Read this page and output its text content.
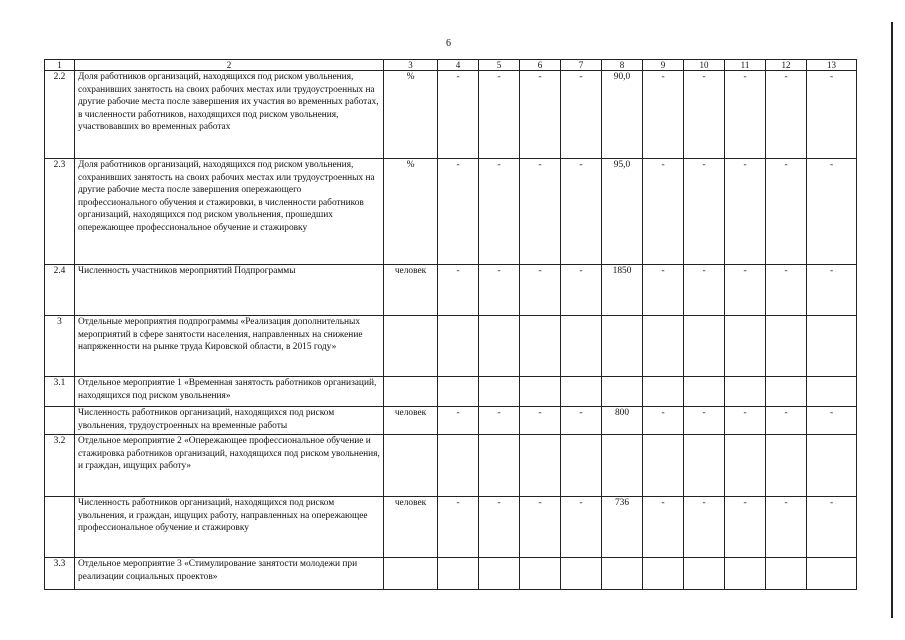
6
1	2	3	4	5	6	7	8	9	10	11	12	13
2.2	Доля работников организаций, находящихся под риском увольнения, сохранивших занятость на своих рабочих местах или трудоустроенных на другие рабочие места после завершения их участия во временных работах, в численности работников, находящихся под риском увольнения, участвовавших во временных работах	%	-	-	-	-	90,0	-	-	-	-	-
2.3	Доля работников организаций, находящихся под риском увольнения, сохранивших занятость на своих рабочих местах или трудоустроенных на другие рабочие места после завершения опережающего профессионального обучения и стажировки, в численности работников организаций, находящихся под риском увольнения, прошедших опережающее профессиональное обучение и стажировку	%	-	-	-	-	95,0	-	-	-	-	-
2.4	Численность участников мероприятий Подпрограммы	человек	-	-	-	-	1850	-	-	-	-	-
3	Отдельные мероприятия подпрограммы «Реализация дополнительных мероприятий в сфере занятости населения, направленных на снижение напряженности на рынке труда Кировской области, в 2015 году»											
3.1	Отдельное мероприятие 1 «Временная занятость работников организаций, находящихся под риском увольнения»											
	Численность работников организаций, находящихся под риском увольнения, трудоустроенных на временные работы	человек	-	-	-	-	800	-	-	-	-	-
3.2	Отдельное мероприятие 2 «Опережающее профессиональное обучение и стажировка работников организаций, находящихся под риском увольнения, и граждан, ищущих работу»											
	Численность работников организаций, находящихся под риском увольнения, и граждан, ищущих работу, направленных на опережающее профессиональное обучение и стажировку	человек	-	-	-	-	736	-	-	-	-	-
3.3	Отдельное мероприятие 3 «Стимулирование занятости молодежи при реализации социальных проектов»											
